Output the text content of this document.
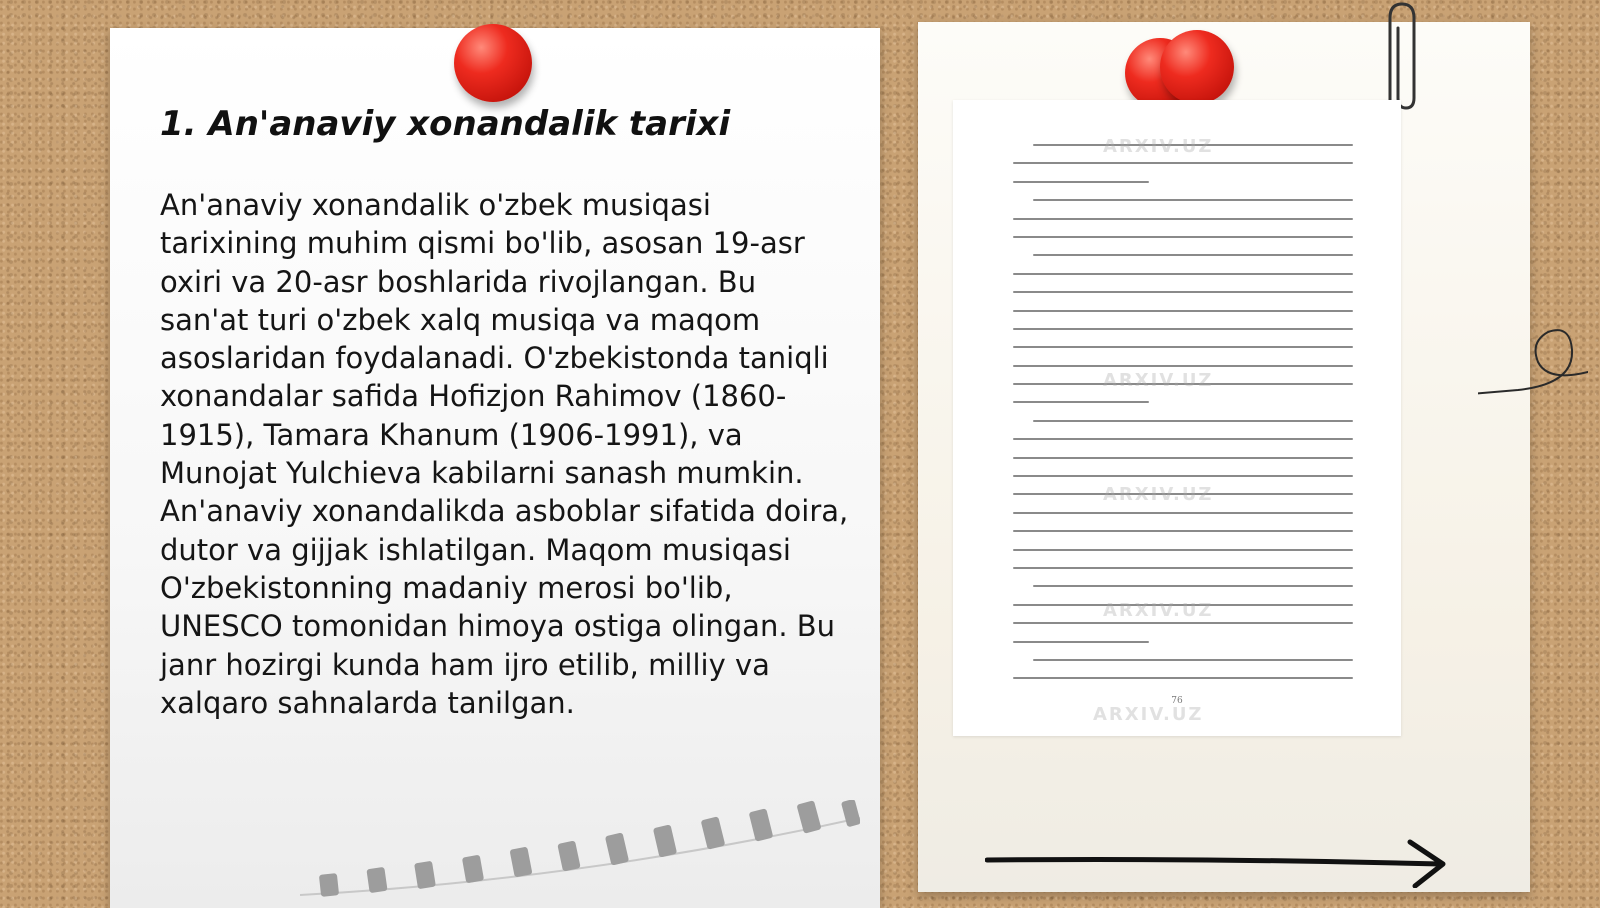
1. An'anaviy xonandalik tarixi

An'anaviy xonandalik o'zbek musiqasi tarixining muhim qismi bo'lib, asosan 19-asr oxiri va 20-asr boshlarida rivojlangan. Bu san'at turi o'zbek xalq musiqa va maqom asoslaridan foydalanadi. O'zbekistonda taniqli xonandalar safida Hofizjon Rahimov (1860-1915), Tamara Khanum (1906-1991), va Munojat Yulchieva kabilarni sanash mumkin. An'anaviy xonandalikda asboblar sifatida doira, dutor va gijjak ishlatilgan. Maqom musiqasi O'zbekistonning madaniy merosi bo'lib, UNESCO tomonidan himoya ostiga olingan. Bu janr hozirgi kunda ham ijro etilib, milliy va xalqaro sahnalarda tanilgan.

ARXIV.UZ
ARXIV.UZ
ARXIV.UZ
ARXIV.UZ
ARXIV.UZ
76
